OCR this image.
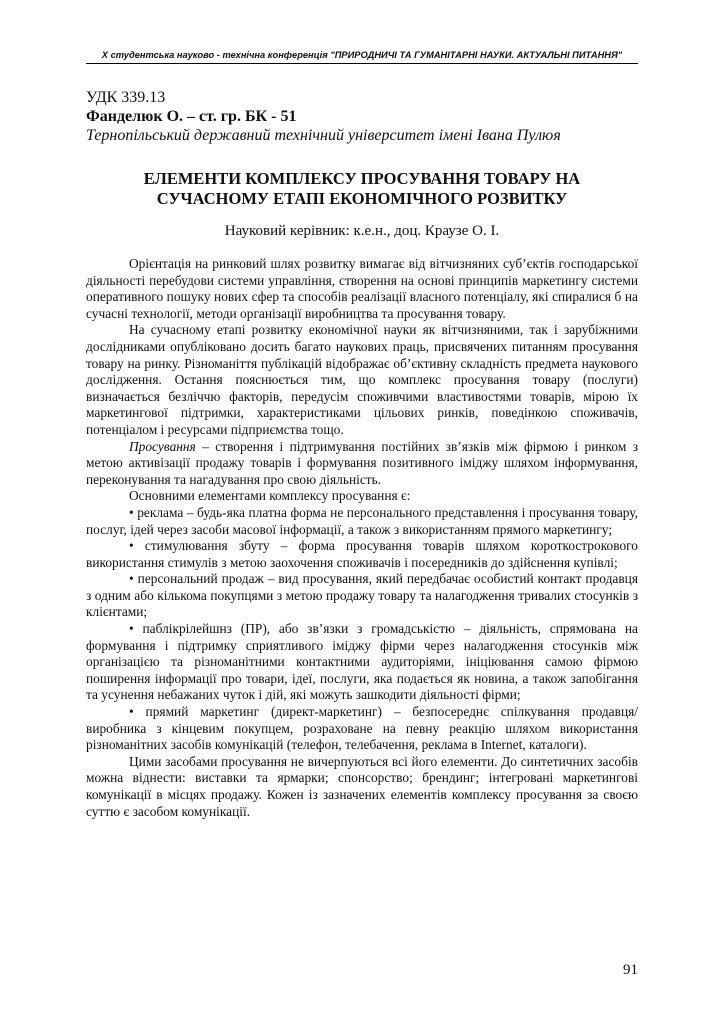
X студентська науково - технічна конференція "ПРИРОДНИЧІ ТА ГУМАНІТАРНІ НАУКИ. АКТУАЛЬНІ ПИТАННЯ"
УДК 339.13
Фанделюк О. – ст. гр. БК - 51
Тернопільський державний технічний університет імені Івана Пулюя
ЕЛЕМЕНТИ КОМПЛЕКСУ ПРОСУВАННЯ ТОВАРУ НА
СУЧАСНОМУ ЕТАПІ ЕКОНОМІЧНОГО РОЗВИТКУ
Науковий керівник: к.е.н., доц. Краузе О. І.

Орієнтація на ринковий шлях розвитку вимагає від вітчизняних суб’єктів господарської діяльності перебудови системи управління, створення на основі принципів маркетингу системи оперативного пошуку нових сфер та способів реалізації власного потенціалу, які спиралися б на сучасні технології, методи організації виробництва та просування товару.

На сучасному етапі розвитку економічної науки як вітчизняними, так і зарубіжними дослідниками опубліковано досить багато наукових праць, присвячених питанням просування товару на ринку. Різноманіття публікацій відображає об’єктивну складність предмета наукового дослідження. Остання пояснюється тим, що комплекс просування товару (послуги) визначається безліччю факторів, передусім споживчими властивостями товарів, мірою їх маркетингової підтримки, характеристиками цільових ринків, поведінкою споживачів, потенціалом і ресурсами підприємства тощо.

Просування – створення і підтримування постійних зв’язків між фірмою і ринком з метою активізації продажу товарів і формування позитивного іміджу шляхом інформування, переконування та нагадування про свою діяльність.

Основними елементами комплексу просування є:

• реклама – будь-яка платна форма не персонального представлення і просування товару, послуг, ідей через засоби масової інформації, а також з використанням прямого маркетингу;

• стимулювання збуту – форма просування товарів шляхом короткострокового використання стимулів з метою заохочення споживачів і посередників до здійснення купівлі;

• персональний продаж – вид просування, який передбачає особистий контакт продавця з одним або кількома покупцями з метою продажу товару та налагодження тривалих стосунків з клієнтами;

• паблікрілейшнз (ПР), або зв’язки з громадськістю – діяльність, спрямована на формування і підтримку сприятливого іміджу фірми через налагодження стосунків між організацією та різноманітними контактними аудиторіями, ініціювання самою фірмою поширення інформації про товари, ідеї, послуги, яка подається як новина, а також запобігання та усунення небажаних чуток і дій, які можуть зашкодити діяльності фірми;

• прямий маркетинг (директ-маркетинг) – безпосереднє спілкування продавця/виробника з кінцевим покупцем, розраховане на певну реакцію шляхом використання різноманітних засобів комунікацій (телефон, телебачення, реклама в Internet, каталоги).

Цими засобами просування не вичерпуються всі його елементи. До синтетичних засобів можна віднести: виставки та ярмарки; спонсорство; брендинг; інтегровані маркетингові комунікації в місцях продажу. Кожен із зазначених елементів комплексу просування за своєю суттю є засобом комунікації.

91
